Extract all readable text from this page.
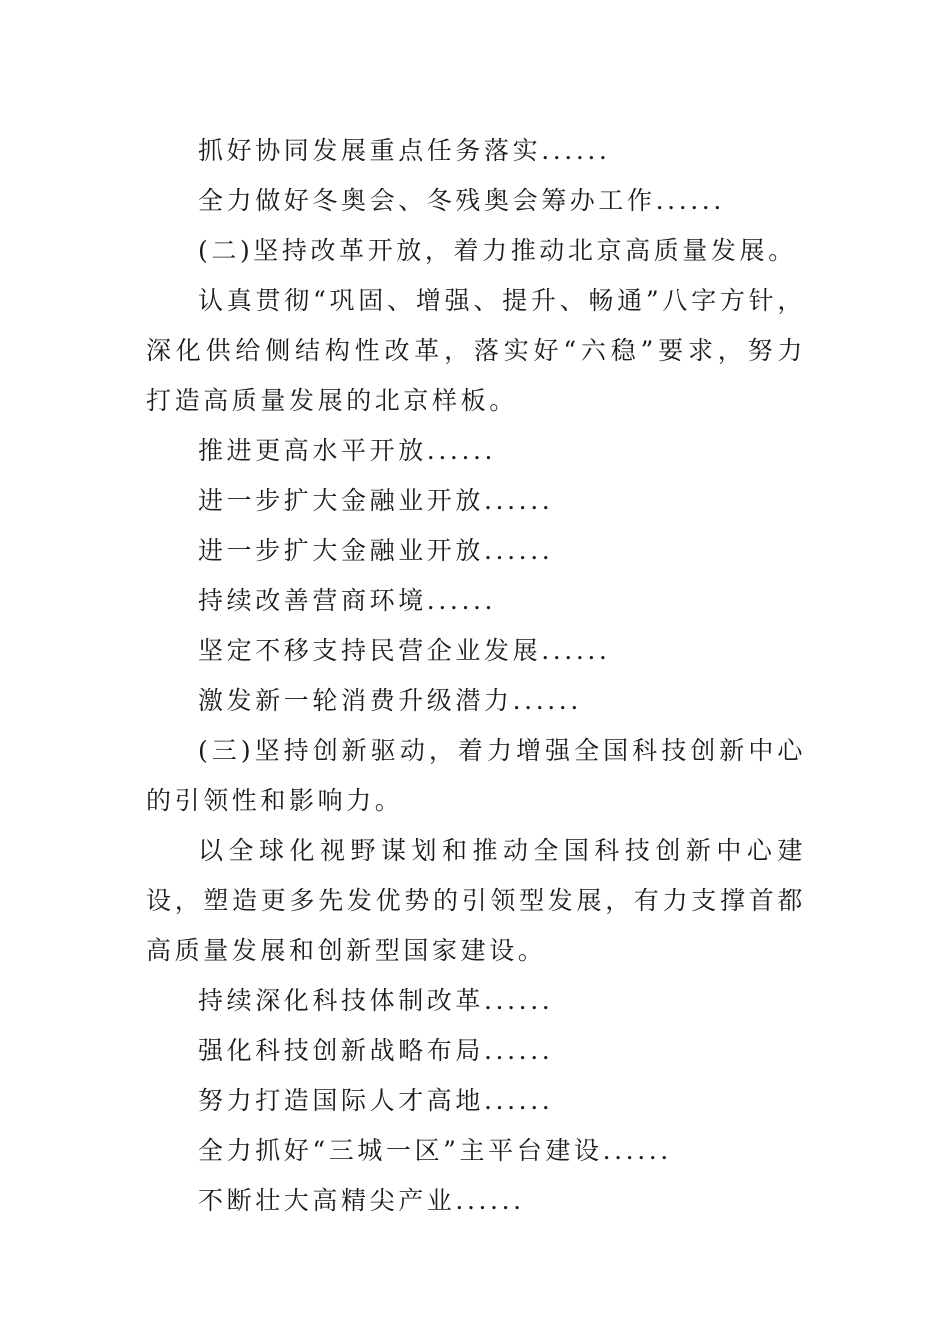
抓好协同发展重点任务落实......

全力做好冬奥会、冬残奥会筹办工作......

(二)坚持改革开放，着力推动北京高质量发展。

认真贯彻“巩固、增强、提升、畅通”八字方针，深化供给侧结构性改革，落实好“六稳”要求，努力打造高质量发展的北京样板。

推进更高水平开放......

进一步扩大金融业开放......

进一步扩大金融业开放......

持续改善营商环境......

坚定不移支持民营企业发展......

激发新一轮消费升级潜力......

(三)坚持创新驱动，着力增强全国科技创新中心的引领性和影响力。

以全球化视野谋划和推动全国科技创新中心建设，塑造更多先发优势的引领型发展，有力支撑首都高质量发展和创新型国家建设。

持续深化科技体制改革......

强化科技创新战略布局......

努力打造国际人才高地......

全力抓好“三城一区”主平台建设......

不断壮大高精尖产业......
